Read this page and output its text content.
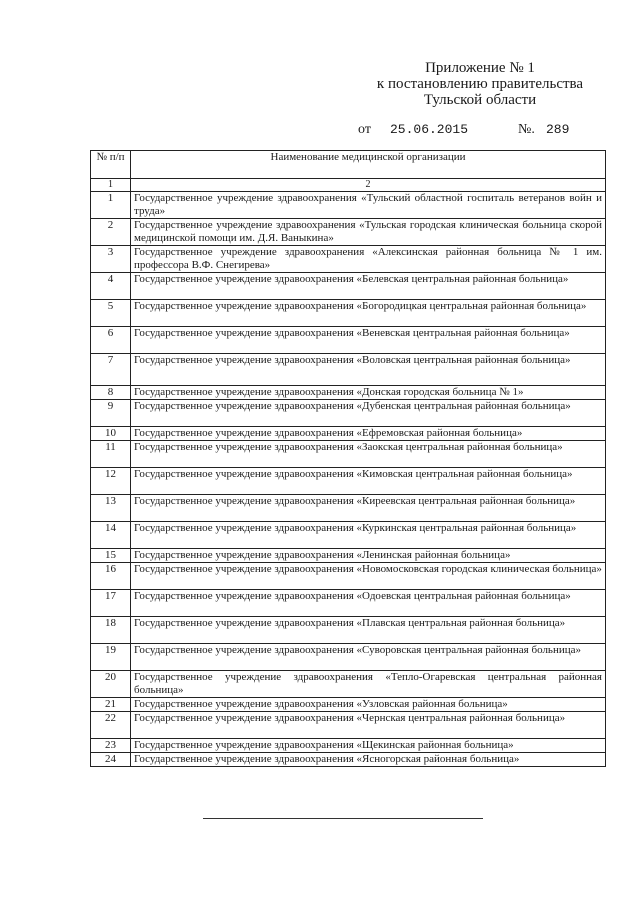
Приложение № 1
к постановлению правительства
Тульской области
от 25.06.2015	№. 289
№ п/п	Наименование медицинской организации
1	2
1	Государственное учреждение здравоохранения «Тульский областной госпиталь ветеранов войн и труда»
2	Государственное учреждение здравоохранения «Тульская городская клиническая больница скорой медицинской помощи им. Д.Я. Ваныкина»
3	Государственное учреждение здравоохранения «Алексинская районная больница № 1 им. профессора В.Ф. Снегирева»
4	Государственное учреждение здравоохранения «Белевская центральная районная больница»
5	Государственное учреждение здравоохранения «Богородицкая центральная районная больница»
6	Государственное учреждение здравоохранения «Веневская центральная районная больница»
7	Государственное учреждение здравоохранения «Воловская центральная районная больница»
8	Государственное учреждение здравоохранения «Донская городская больница № 1»
9	Государственное учреждение здравоохранения «Дубенская центральная районная больница»
10	Государственное учреждение здравоохранения «Ефремовская районная больница»
11	Государственное учреждение здравоохранения «Заокская центральная районная больница»
12	Государственное учреждение здравоохранения «Кимовская центральная районная больница»
13	Государственное учреждение здравоохранения «Киреевская центральная районная больница»
14	Государственное учреждение здравоохранения «Куркинская центральная районная больница»
15	Государственное учреждение здравоохранения «Ленинская районная больница»
16	Государственное учреждение здравоохранения «Новомосковская городская клиническая больница»
17	Государственное учреждение здравоохранения «Одоевская центральная районная больница»
18	Государственное учреждение здравоохранения «Плавская центральная районная больница»
19	Государственное учреждение здравоохранения «Суворовская центральная районная больница»
20	Государственное учреждение здравоохранения «Тепло-Огаревская центральная районная больница»
21	Государственное учреждение здравоохранения «Узловская районная больница»
22	Государственное учреждение здравоохранения «Чернская центральная районная больница»
23	Государственное учреждение здравоохранения «Щекинская районная больница»
24	Государственное учреждение здравоохранения «Ясногорская районная больница»
